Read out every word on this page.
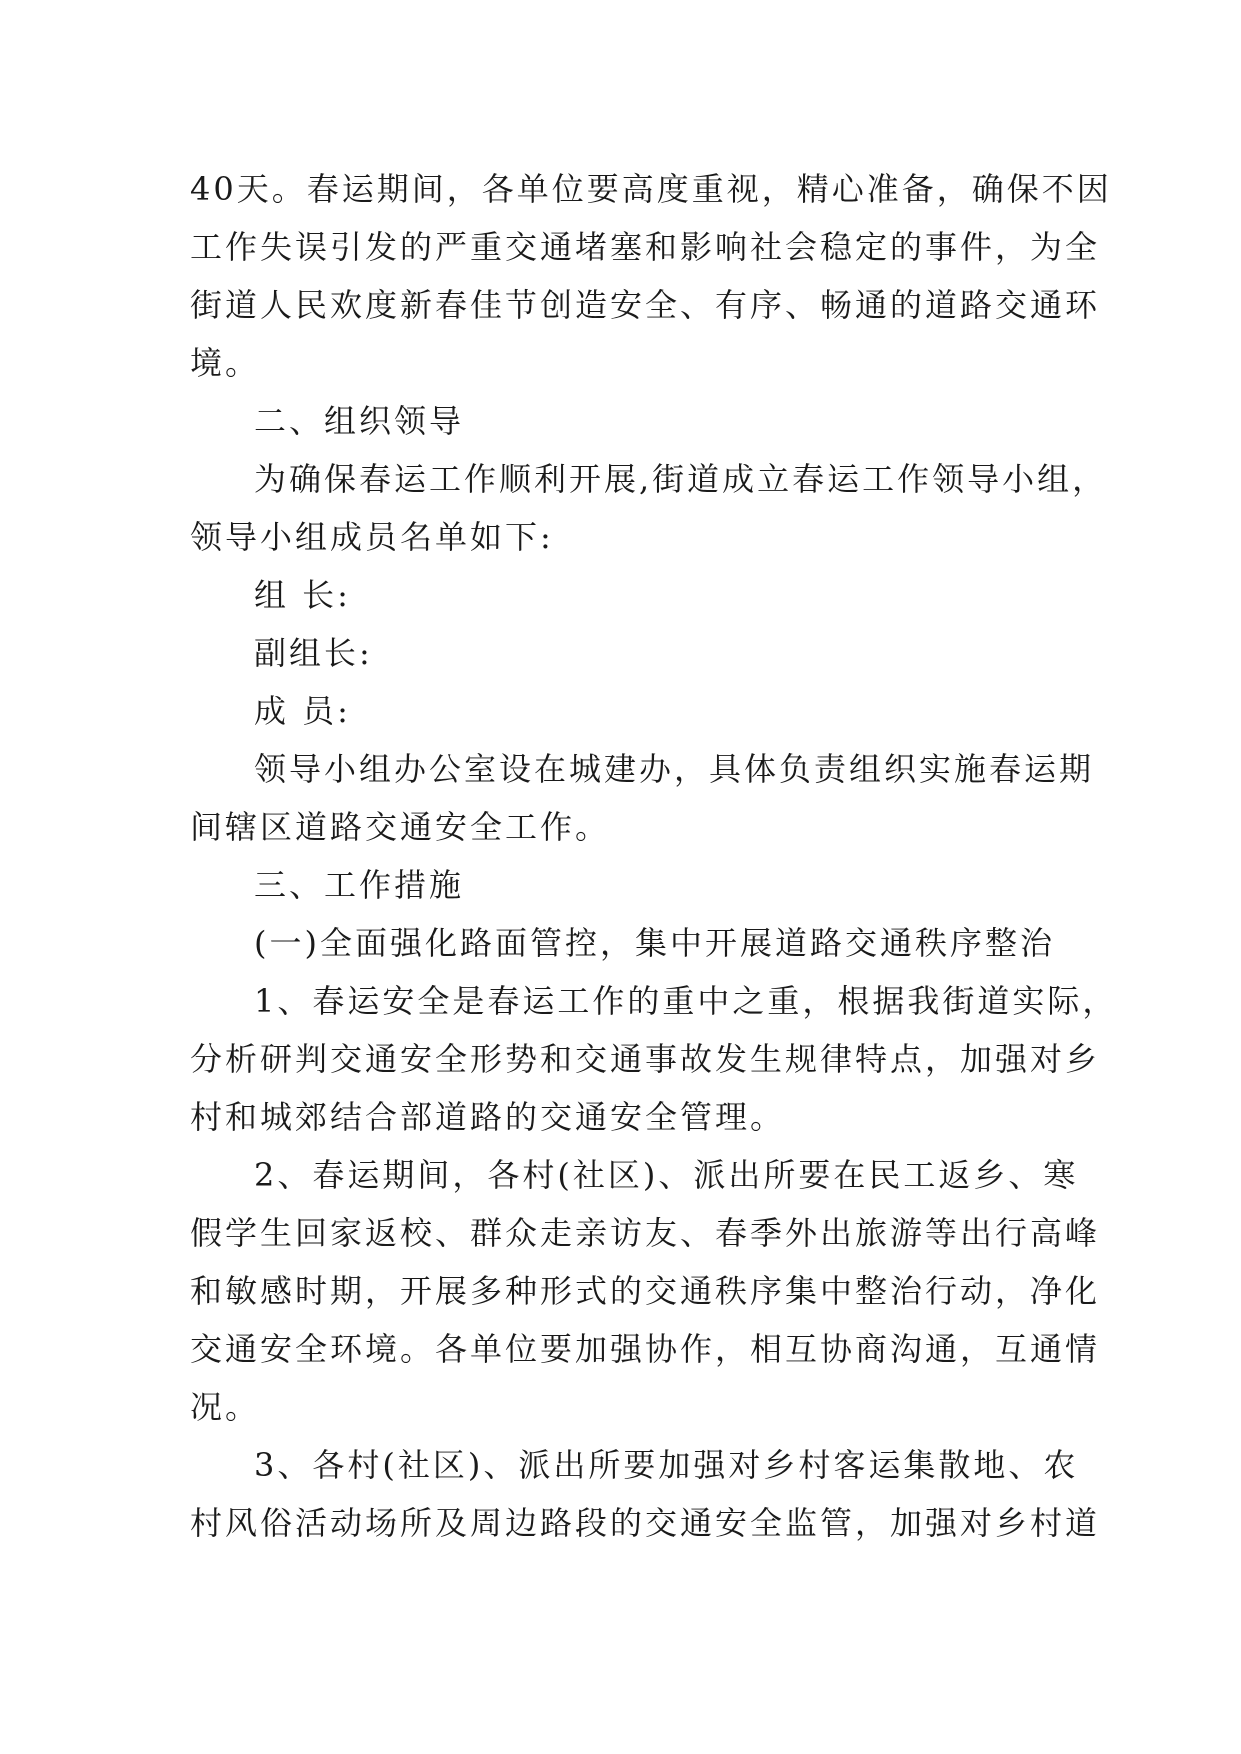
40天。春运期间，各单位要高度重视，精心准备，确保不因
工作失误引发的严重交通堵塞和影响社会稳定的事件，为全
街道人民欢度新春佳节创造安全、有序、畅通的道路交通环
境。
二、组织领导
为确保春运工作顺利开展,街道成立春运工作领导小组，
领导小组成员名单如下:
组 长:
副组长:
成 员:
领导小组办公室设在城建办，具体负责组织实施春运期
间辖区道路交通安全工作。
三、工作措施
(一)全面强化路面管控，集中开展道路交通秩序整治
1、春运安全是春运工作的重中之重，根据我街道实际，
分析研判交通安全形势和交通事故发生规律特点，加强对乡
村和城郊结合部道路的交通安全管理。
2、春运期间，各村(社区)、派出所要在民工返乡、寒
假学生回家返校、群众走亲访友、春季外出旅游等出行高峰
和敏感时期，开展多种形式的交通秩序集中整治行动，净化
交通安全环境。各单位要加强协作，相互协商沟通，互通情
况。
3、各村(社区)、派出所要加强对乡村客运集散地、农
村风俗活动场所及周边路段的交通安全监管，加强对乡村道
